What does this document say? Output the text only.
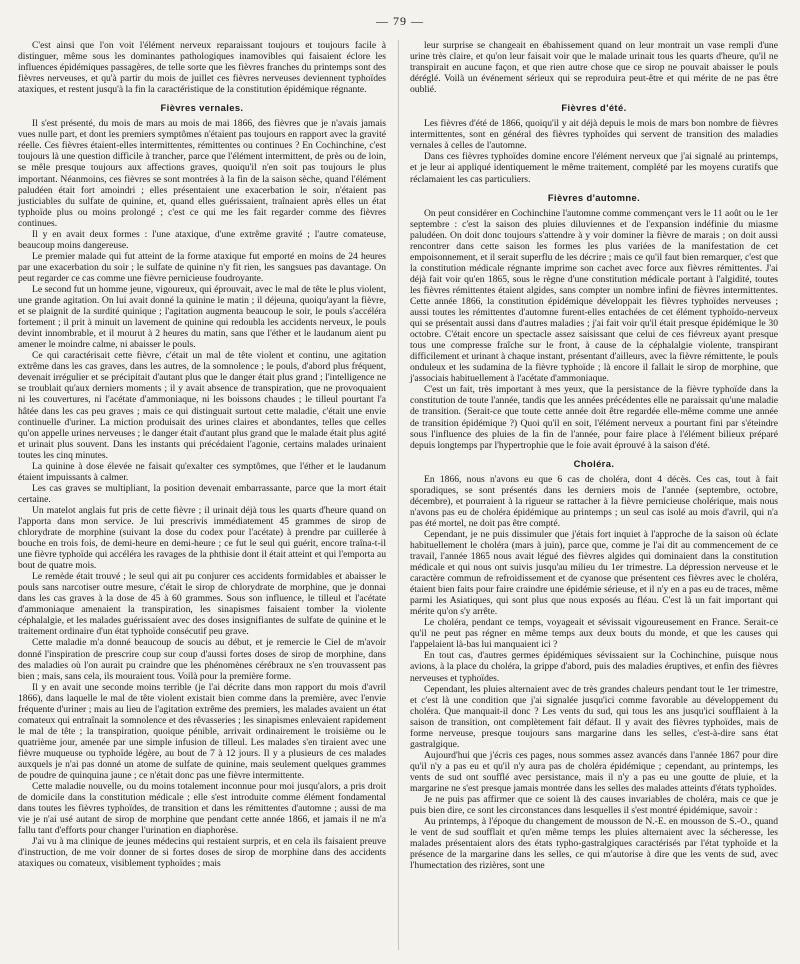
— 79 —

C'est ainsi que l'on voit l'élément nerveux reparaissant toujours et toujours facile à distinguer, même sous les dominantes pathologiques inamovibles qui faisaient éclore les influences épidémiques passagères, de telle sorte que les fièvres franches du printemps sont des fièvres nerveuses, et qu'à partir du mois de juillet ces fièvres nerveuses deviennent typhoïdes ataxiques, et restent jusqu'à la fin la caractéristique de la constitution épidémique régnante.

Fièvres vernales.

Il s'est présenté, du mois de mars au mois de mai 1866, des fièvres que je n'avais jamais vues nulle part, et dont les premiers symptômes n'étaient pas toujours en rapport avec la gravité réelle. Ces fièvres étaient-elles intermittentes, rémittentes ou continues ? En Cochinchine, c'est toujours là une question difficile à trancher, parce que l'élément intermittent, de près ou de loin, se mêle presque toujours aux affections graves, quoiqu'il n'en soit pas toujours le plus important. Néanmoins, ces fièvres se sont montrées à la fin de la saison sèche, quand l'élément paludéen était fort amoindri ; elles présentaient une exacerbation le soir, n'étaient pas justiciables du sulfate de quinine, et, quand elles guérissaient, traînaient après elles un état typhoïde plus ou moins prolongé ; c'est ce qui me les fait regarder comme des fièvres continues.

Il y en avait deux formes : l'une ataxique, d'une extrême gravité ; l'autre comateuse, beaucoup moins dangereuse.

Le premier malade qui fut atteint de la forme ataxique fut emporté en moins de 24 heures par une exacerbation du soir ; le sulfate de quinine n'y fit rien, les sangsues pas davantage. On peut regarder ce cas comme une fièvre pernicieuse foudroyante.

Le second fut un homme jeune, vigoureux, qui éprouvait, avec le mal de tête le plus violent, une grande agitation. On lui avait donné la quinine le matin ; il déjeuna, quoiqu'ayant la fièvre, et se plaignit de la surdité quinique ; l'agitation augmenta beaucoup le soir, le pouls s'accéléra fortement ; il prit à minuit un lavement de quinine qui redoubla les accidents nerveux, le pouls devint innombrable, et il mourut à 2 heures du matin, sans que l'éther et le laudanum aient pu amener le moindre calme, ni abaisser le pouls.

Ce qui caractérisait cette fièvre, c'était un mal de tête violent et continu, une agitation extrême dans les cas graves, dans les autres, de la somnolence ; le pouls, d'abord plus fréquent, devenait irrégulier et se précipitait d'autant plus que le danger était plus grand ; l'intelligence ne se troublait qu'aux derniers moments ; il y avait absence de transpiration, que ne provoquaient ni les couvertures, ni l'acétate d'ammoniaque, ni les boissons chaudes ; le tilleul pourtant l'a hâtée dans les cas peu graves ; mais ce qui distinguait surtout cette maladie, c'était une envie continuelle d'uriner. La miction produisait des urines claires et abondantes, telles que celles qu'on appelle urines nerveuses ; le danger était d'autant plus grand que le malade était plus agité et urinait plus souvent. Dans les instants qui précédaient l'agonie, certains malades urinaient toutes les cinq minutes.

La quinine à dose élevée ne faisait qu'exalter ces symptômes, que l'éther et le laudanum étaient impuissants à calmer.

Les cas graves se multipliant, la position devenait embarrassante, parce que la mort était certaine.

Un matelot anglais fut pris de cette fièvre ; il urinait déjà tous les quarts d'heure quand on l'apporta dans mon service. Je lui prescrivis immédiatement 45 grammes de sirop de chlorydrate de morphine (suivant la dose du codex pour l'acétate) à prendre par cuillerée à bouche en trois fois, de demi-heure en demi-heure ; ce fut le seul qui guérit, encore traîna-t-il une fièvre typhoïde qui accéléra les ravages de la phthisie dont il était atteint et qui l'emporta au bout de quatre mois.

Le remède était trouvé ; le seul qui ait pu conjurer ces accidents formidables et abaisser le pouls sans narcotiser outre mesure, c'était le sirop de chlorydrate de morphine, que je donnai dans les cas graves à la dose de 45 à 60 grammes. Sous son influence, le tilleul et l'acétate d'ammoniaque amenaient la transpiration, les sinapismes faisaient tomber la violente céphalalgie, et les malades guérissaient avec des doses insignifiantes de sulfate de quinine et le traitement ordinaire d'un état typhoïde consécutif peu grave.

Cette maladie m'a donné beaucoup de soucis au début, et je remercie le Ciel de m'avoir donné l'inspiration de prescrire coup sur coup d'aussi fortes doses de sirop de morphine, dans des maladies où l'on aurait pu craindre que les phénomènes cérébraux ne s'en trouvassent pas bien ; mais, sans cela, ils mouraient tous. Voilà pour la première forme.

Il y en avait une seconde moins terrible (je l'ai décrite dans mon rapport du mois d'avril 1866), dans laquelle le mal de tête violent existait bien comme dans la première, avec l'envie fréquente d'uriner ; mais au lieu de l'agitation extrême des premiers, les malades avaient un état comateux qui entraînait la somnolence et des rêvasseries ; les sinapismes enlevaient rapidement le mal de tête ; la transpiration, quoique pénible, arrivait ordinairement le troisième ou le quatrième jour, amenée par une simple infusion de tilleul. Les malades s'en tiraient avec une fièvre muqueuse ou typhoïde légère, au bout de 7 à 12 jours. Il y a plusieurs de ces malades auxquels je n'ai pas donné un atome de sulfate de quinine, mais seulement quelques grammes de poudre de quinquina jaune ; ce n'était donc pas une fièvre intermittente.

Cette maladie nouvelle, ou du moins totalement inconnue pour moi jusqu'alors, a pris droit de domicile dans la constitution médicale ; elle s'est introduite comme élément fondamental dans toutes les fièvres typhoïdes, de transition et dans les rémittentes d'automne ; aussi de ma vie je n'ai usé autant de sirop de morphine que pendant cette année 1866, et jamais il ne m'a fallu tant d'efforts pour changer l'urination en diaphorèse.

J'ai vu à ma clinique de jeunes médecins qui restaient surpris, et en cela ils faisaient preuve d'instruction, de me voir donner de si fortes doses de sirop de morphine dans des accidents ataxiques ou comateux, visiblement typhoïdes ; mais

leur surprise se changeait en ébahissement quand on leur montrait un vase rempli d'une urine très claire, et qu'on leur faisait voir que le malade urinait tous les quarts d'heure, qu'il ne transpirait en aucune façon, et que rien autre chose que ce sirop ne pouvait abaisser le pouls déréglé. Voilà un événement sérieux qui se reproduira peut-être et qui mérite de ne pas être oublié.

Fièvres d'été.

Les fièvres d'été de 1866, quoiqu'il y ait déjà depuis le mois de mars bon nombre de fièvres intermittentes, sont en général des fièvres typhoïdes qui servent de transition des maladies vernales à celles de l'automne.

Dans ces fièvres typhoïdes domine encore l'élément nerveux que j'ai signalé au printemps, et je leur ai appliqué identiquement le même traitement, complété par les moyens curatifs que réclamaient les cas particuliers.

Fièvres d'automne.

On peut considérer en Cochinchine l'automne comme commençant vers le 11 août ou le 1er septembre : c'est la saison des pluies diluviennes et de l'expansion indéfinie du miasme paludéen. On doit donc toujours s'attendre à y voir dominer la fièvre de marais ; on doit aussi rencontrer dans cette saison les formes les plus variées de la manifestation de cet empoisonnement, et il serait superflu de les décrire ; mais ce qu'il faut bien remarquer, c'est que la constitution médicale régnante imprime son cachet avec force aux fièvres rémittentes. J'ai déjà fait voir qu'en 1865, sous le règne d'une constitution médicale portant à l'algidité, toutes les fièvres rémittentes étaient algides, sans compter un nombre infini de fièvres intermittentes. Cette année 1866, la constitution épidémique développait les fièvres typhoïdes nerveuses ; aussi toutes les rémittentes d'automne furent-elles entachées de cet élément typhoïdo-nerveux qui se présentait aussi dans d'autres maladies ; j'ai fait voir qu'il était presque épidémique le 30 octobre. C'était encore un spectacle assez saisissant que celui de ces fiévreux ayant presque tous une compresse fraîche sur le front, à cause de la céphalalgie violente, transpirant difficilement et urinant à chaque instant, présentant d'ailleurs, avec la fièvre rémittente, le pouls onduleux et les sudamina de la fièvre typhoïde ; là encore il fallait le sirop de morphine, que j'associais habituellement à l'acétate d'ammoniaque.

C'est un fait, très important à mes yeux, que la persistance de la fièvre typhoïde dans la constitution de toute l'année, tandis que les années précédentes elle ne paraissait qu'une maladie de transition. (Serait-ce que toute cette année doit être regardée elle-même comme une année de transition épidémique ?) Quoi qu'il en soit, l'élément nerveux a pourtant fini par s'éteindre sous l'influence des pluies de la fin de l'année, pour faire place à l'élément bilieux préparé depuis longtemps par l'hypertrophie que le foie avait éprouvé à la saison d'été.

Choléra.

En 1866, nous n'avons eu que 6 cas de choléra, dont 4 décès. Ces cas, tout à fait sporadiques, se sont présentés dans les derniers mois de l'année (septembre, octobre, décembre), et pourraient à la rigueur se rattacher à la fièvre pernicieuse cholérique, mais nous n'avons pas eu de choléra épidémique au printemps ; un seul cas isolé au mois d'avril, qui n'a pas été mortel, ne doit pas être compté.

Cependant, je ne puis dissimuler que j'étais fort inquiet à l'approche de la saison où éclate habituellement le choléra (mars à juin), parce que, comme je l'ai dit au commencement de ce travail, l'année 1865 nous avait légué des fièvres algides qui dominaient dans la constitution médicale et qui nous ont suivis jusqu'au milieu du 1er trimestre. La dépression nerveuse et le caractère commun de refroidissement et de cyanose que présentent ces fièvres avec le choléra, étaient bien faits pour faire craindre une épidémie sérieuse, et il n'y en a pas eu de traces, même parmi les Asiatiques, qui sont plus que nous exposés au fléau. C'est là un fait important qui mérite qu'on s'y arrête.

Le choléra, pendant ce temps, voyageait et sévissait vigoureusement en France. Serait-ce qu'il ne peut pas régner en même temps aux deux bouts du monde, et que les causes qui l'appelaient là-bas lui manquaient ici ?

En tout cas, d'autres germes épidémiques sévissaient sur la Cochinchine, puisque nous avions, à la place du choléra, la grippe d'abord, puis des maladies éruptives, et enfin des fièvres nerveuses et typhoïdes.

Cependant, les pluies alternaient avec de très grandes chaleurs pendant tout le 1er trimestre, et c'est là une condition que j'ai signalée jusqu'ici comme favorable au développement du choléra. Que manquait-il donc ? Les vents du sud, qui tous les ans jusqu'ici soufflaient à la saison de transition, ont complètement fait défaut. Il y avait des fièvres typhoïdes, mais de forme nerveuse, presque toujours sans margarine dans les selles, c'est-à-dire sans état gastralgique.

Aujourd'hui que j'écris ces pages, nous sommes assez avancés dans l'année 1867 pour dire qu'il n'y a pas eu et qu'il n'y aura pas de choléra épidémique ; cependant, au printemps, les vents de sud ont soufflé avec persistance, mais il n'y a pas eu une goutte de pluie, et la margarine ne s'est presque jamais montrée dans les selles des malades atteints d'états typhoïdes.

Je ne puis pas affirmer que ce soient là des causes invariables de choléra, mais ce que je puis bien dire, ce sont les circonstances dans lesquelles il s'est montré épidémique, savoir :

Au printemps, à l'époque du changement de mousson de N.-E. en mousson de S.-O., quand le vent de sud soufflait et qu'en même temps les pluies alternaient avec la sécheresse, les malades présentaient alors des états typho-gastralgiques caractérisés par l'état typhoïde et la présence de la margarine dans les selles, ce qui m'autorise à dire que les vents de sud, avec l'humectation des rizières, sont une
